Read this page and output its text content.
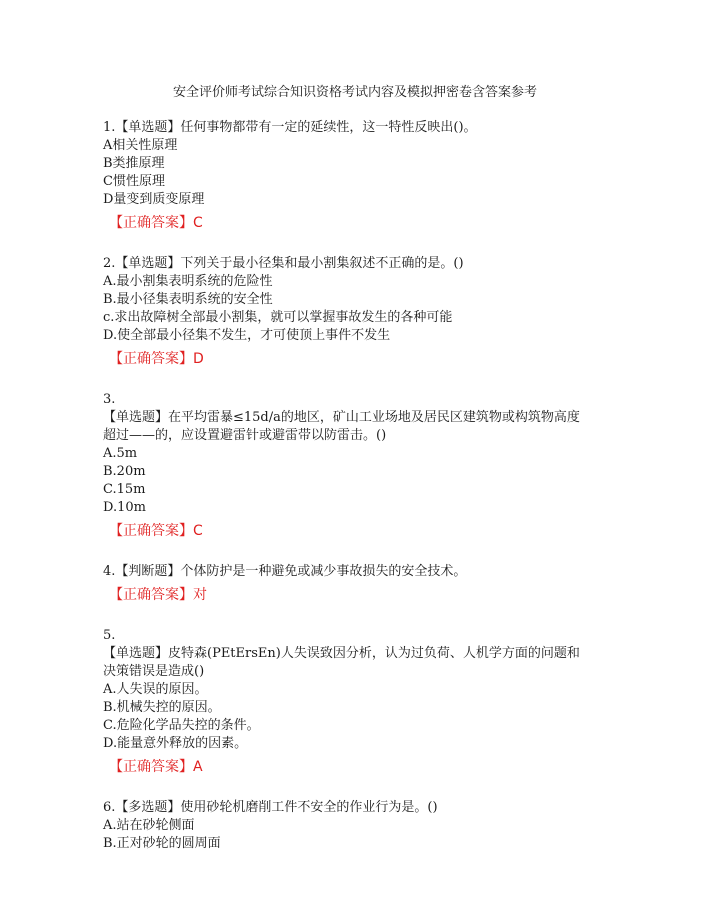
安全评价师考试综合知识资格考试内容及模拟押密卷含答案参考
1.【单选题】任何事物都带有一定的延续性，这一特性反映出()。
A相关性原理
B类推原理
C惯性原理
D量变到质变原理
【正确答案】C
2.【单选题】下列关于最小径集和最小割集叙述不正确的是。()
A.最小割集表明系统的危险性
B.最小径集表明系统的安全性
c.求出故障树全部最小割集，就可以掌握事故发生的各种可能
D.使全部最小径集不发生，才可使顶上事件不发生
【正确答案】D
3.
【单选题】在平均雷暴≤15d/a的地区，矿山工业场地及居民区建筑物或构筑物高度
超过——的，应设置避雷针或避雷带以防雷击。()
A.5m
B.20m
C.15m
D.10m
【正确答案】C
4.【判断题】个体防护是一种避免或减少事故损失的安全技术。
【正确答案】对
5.
【单选题】皮特森(PEtErsEn)人失误致因分析，认为过负荷、人机学方面的问题和
决策错误是造成()
A.人失误的原因。
B.机械失控的原因。
C.危险化学品失控的条件。
D.能量意外释放的因素。
【正确答案】A
6.【多选题】使用砂轮机磨削工件不安全的作业行为是。()
A.站在砂轮侧面
B.正对砂轮的圆周面
